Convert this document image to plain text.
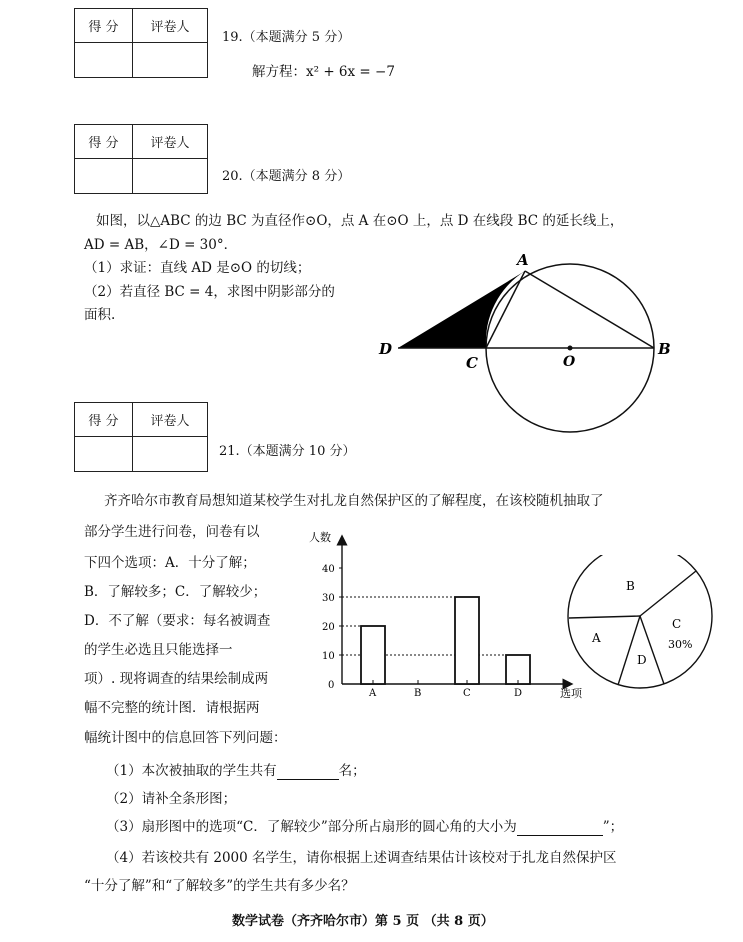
得 分	评卷人

19.（本题满分 5 分）
解方程：x² + 6x = −7
得 分	评卷人

20.（本题满分 8 分）
如图，以△ABC 的边 BC 为直径作⊙O，点 A 在⊙O 上，点 D 在线段 BC 的延长线上，
AD = AB，∠D = 30°．
（1）求证：直线 AD 是⊙O 的切线；
（2）若直径 BC = 4，求图中阴影部分的
面积.
A
B
C
D
O
得 分	评卷人

21.（本题满分 10 分）
齐齐哈尔市教育局想知道某校学生对扎龙自然保护区的了解程度，在该校随机抽取了
部分学生进行问卷，问卷有以
下四个选项：A．十分了解；
B．了解较多；C．了解较少；
D．不了解（要求：每名被调查
的学生必选且只能选择一
项）. 现将调查的结果绘制成两
幅不完整的统计图．请根据两
幅统计图中的信息回答下列问题：
人数
选项
0
10
20
30
40
A	B	C	D
B
C
D
A	30%
（1）本次被抽取的学生共有	名；
（2）请补全条形图；
（3）扇形图中的选项“C．了解较少”部分所占扇形的圆心角的大小为	”；
（4）若该校共有 2000 名学生，请你根据上述调查结果估计该校对于扎龙自然保护区
“十分了解”和“了解较多”的学生共有多少名？
数学试卷（齐齐哈尔市）第 5 页 （共 8 页）
